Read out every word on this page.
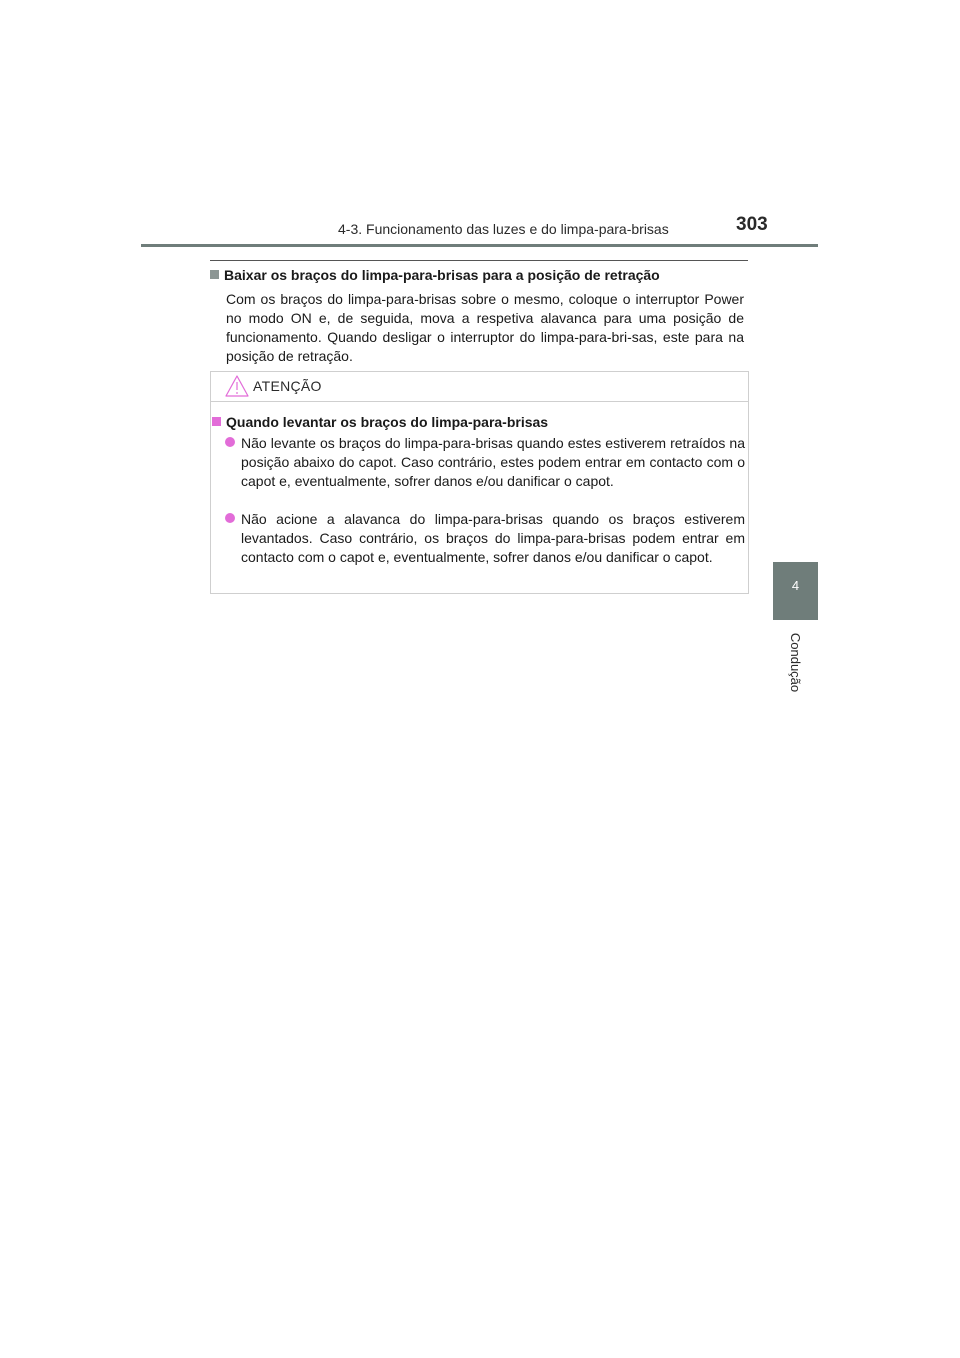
4-3. Funcionamento das luzes e do limpa-para-brisas	303
4
Condução
Baixar os braços do limpa-para-brisas para a posição de retração
Com os braços do limpa-para-brisas sobre o mesmo, coloque o interruptor Power no modo ON e, de seguida, mova a respetiva alavanca para uma posição de funcionamento. Quando desligar o interruptor do limpa-para-bri-sas, este para na posição de retração.
ATENÇÃO
Quando levantar os braços do limpa-para-brisas
Não levante os braços do limpa-para-brisas quando estes estiverem retraídos na posição abaixo do capot. Caso contrário, estes podem entrar em contacto com o capot e, eventualmente, sofrer danos e/ou danificar o capot.
Não acione a alavanca do limpa-para-brisas quando os braços estiverem levantados. Caso contrário, os braços do limpa-para-brisas podem entrar em contacto com o capot e, eventualmente, sofrer danos e/ou danificar o capot.
